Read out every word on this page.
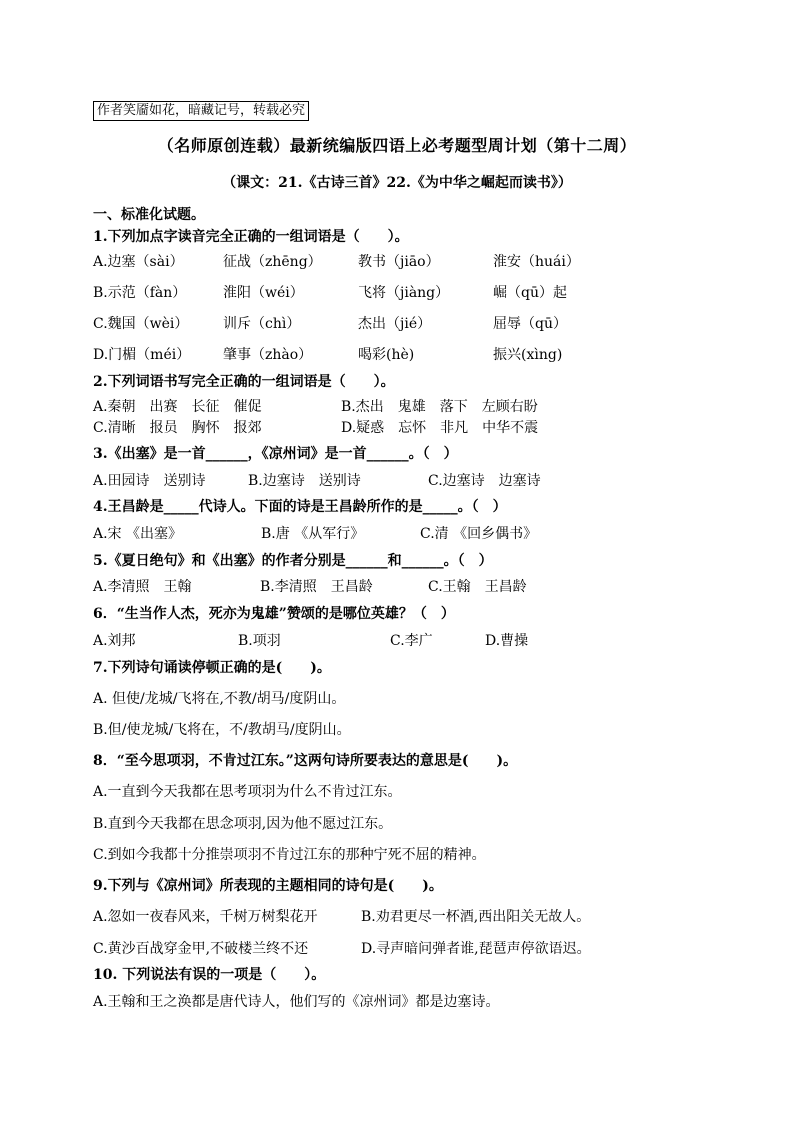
作者笑靥如花，暗藏记号，转载必究
（名师原创连载）最新统编版四语上必考题型周计划（第十二周）
（课文：21.《古诗三首》22.《为中华之崛起而读书》）
一、标准化试题。
1.下列加点字读音完全正确的一组词语是（　　）。
A.边塞（sài）	征战（zhēng）	教书（jiāo）	淮安（huái）
B.示范（fàn）	淮阳（wéi）	飞将（jiàng）	崛（qū）起
C.魏国（wèi） 训斥（chì）	杰出（jié）	屈辱（qū）
D.门楣（méi） 肇事（zhào）	喝彩(hè)	振兴(xìng)
2.下列词语书写完全正确的一组词语是（　　）。
A.秦朝　出赛　长征　催促	B.杰出　鬼雄　落下　左顾右盼
C.清晰　报员　胸怀　报郊	D.疑惑　忘怀　非凡　中华不震
3.《出塞》是一首______，《凉州词》是一首______。（　）
A.田园诗　送别诗	B.边塞诗　送别诗	C.边塞诗　边塞诗
4.王昌龄是_____代诗人。下面的诗是王昌龄所作的是_____。（　）
A.宋 《出塞》	B.唐 《从军行》	C.清 《回乡偶书》
5.《夏日绝句》和《出塞》的作者分别是______和______。（　）
A.李清照　王翰	B.李清照　王昌龄	C.王翰　王昌龄
6．“生当作人杰，死亦为鬼雄”赞颂的是哪位英雄？（　）
A.刘邦	B.项羽	C.李广	D.曹操
7.下列诗句诵读停顿正确的是(　　)。
A. 但使/龙城/飞将在,不教/胡马/度阴山。
B.但/使龙城/飞将在，不/教胡马/度阴山。
8．“至今思项羽，不肯过江东。”这两句诗所要表达的意思是(　　)。
A.一直到今天我都在思考项羽为什么不肯过江东。
B.直到今天我都在思念项羽,因为他不愿过江东。
C.到如今我都十分推崇项羽不肯过江东的那种宁死不屈的精神。
9.下列与《凉州词》所表现的主题相同的诗句是(　　)。
A.忽如一夜春风来，千树万树梨花开	B.劝君更尽一杯酒,西出阳关无故人。
C.黄沙百战穿金甲,不破楼兰终不还	D.寻声暗问弹者谁,琵琶声停欲语迟。
10. 下列说法有误的一项是（　　）。
A.王翰和王之涣都是唐代诗人，他们写的《凉州词》都是边塞诗。
